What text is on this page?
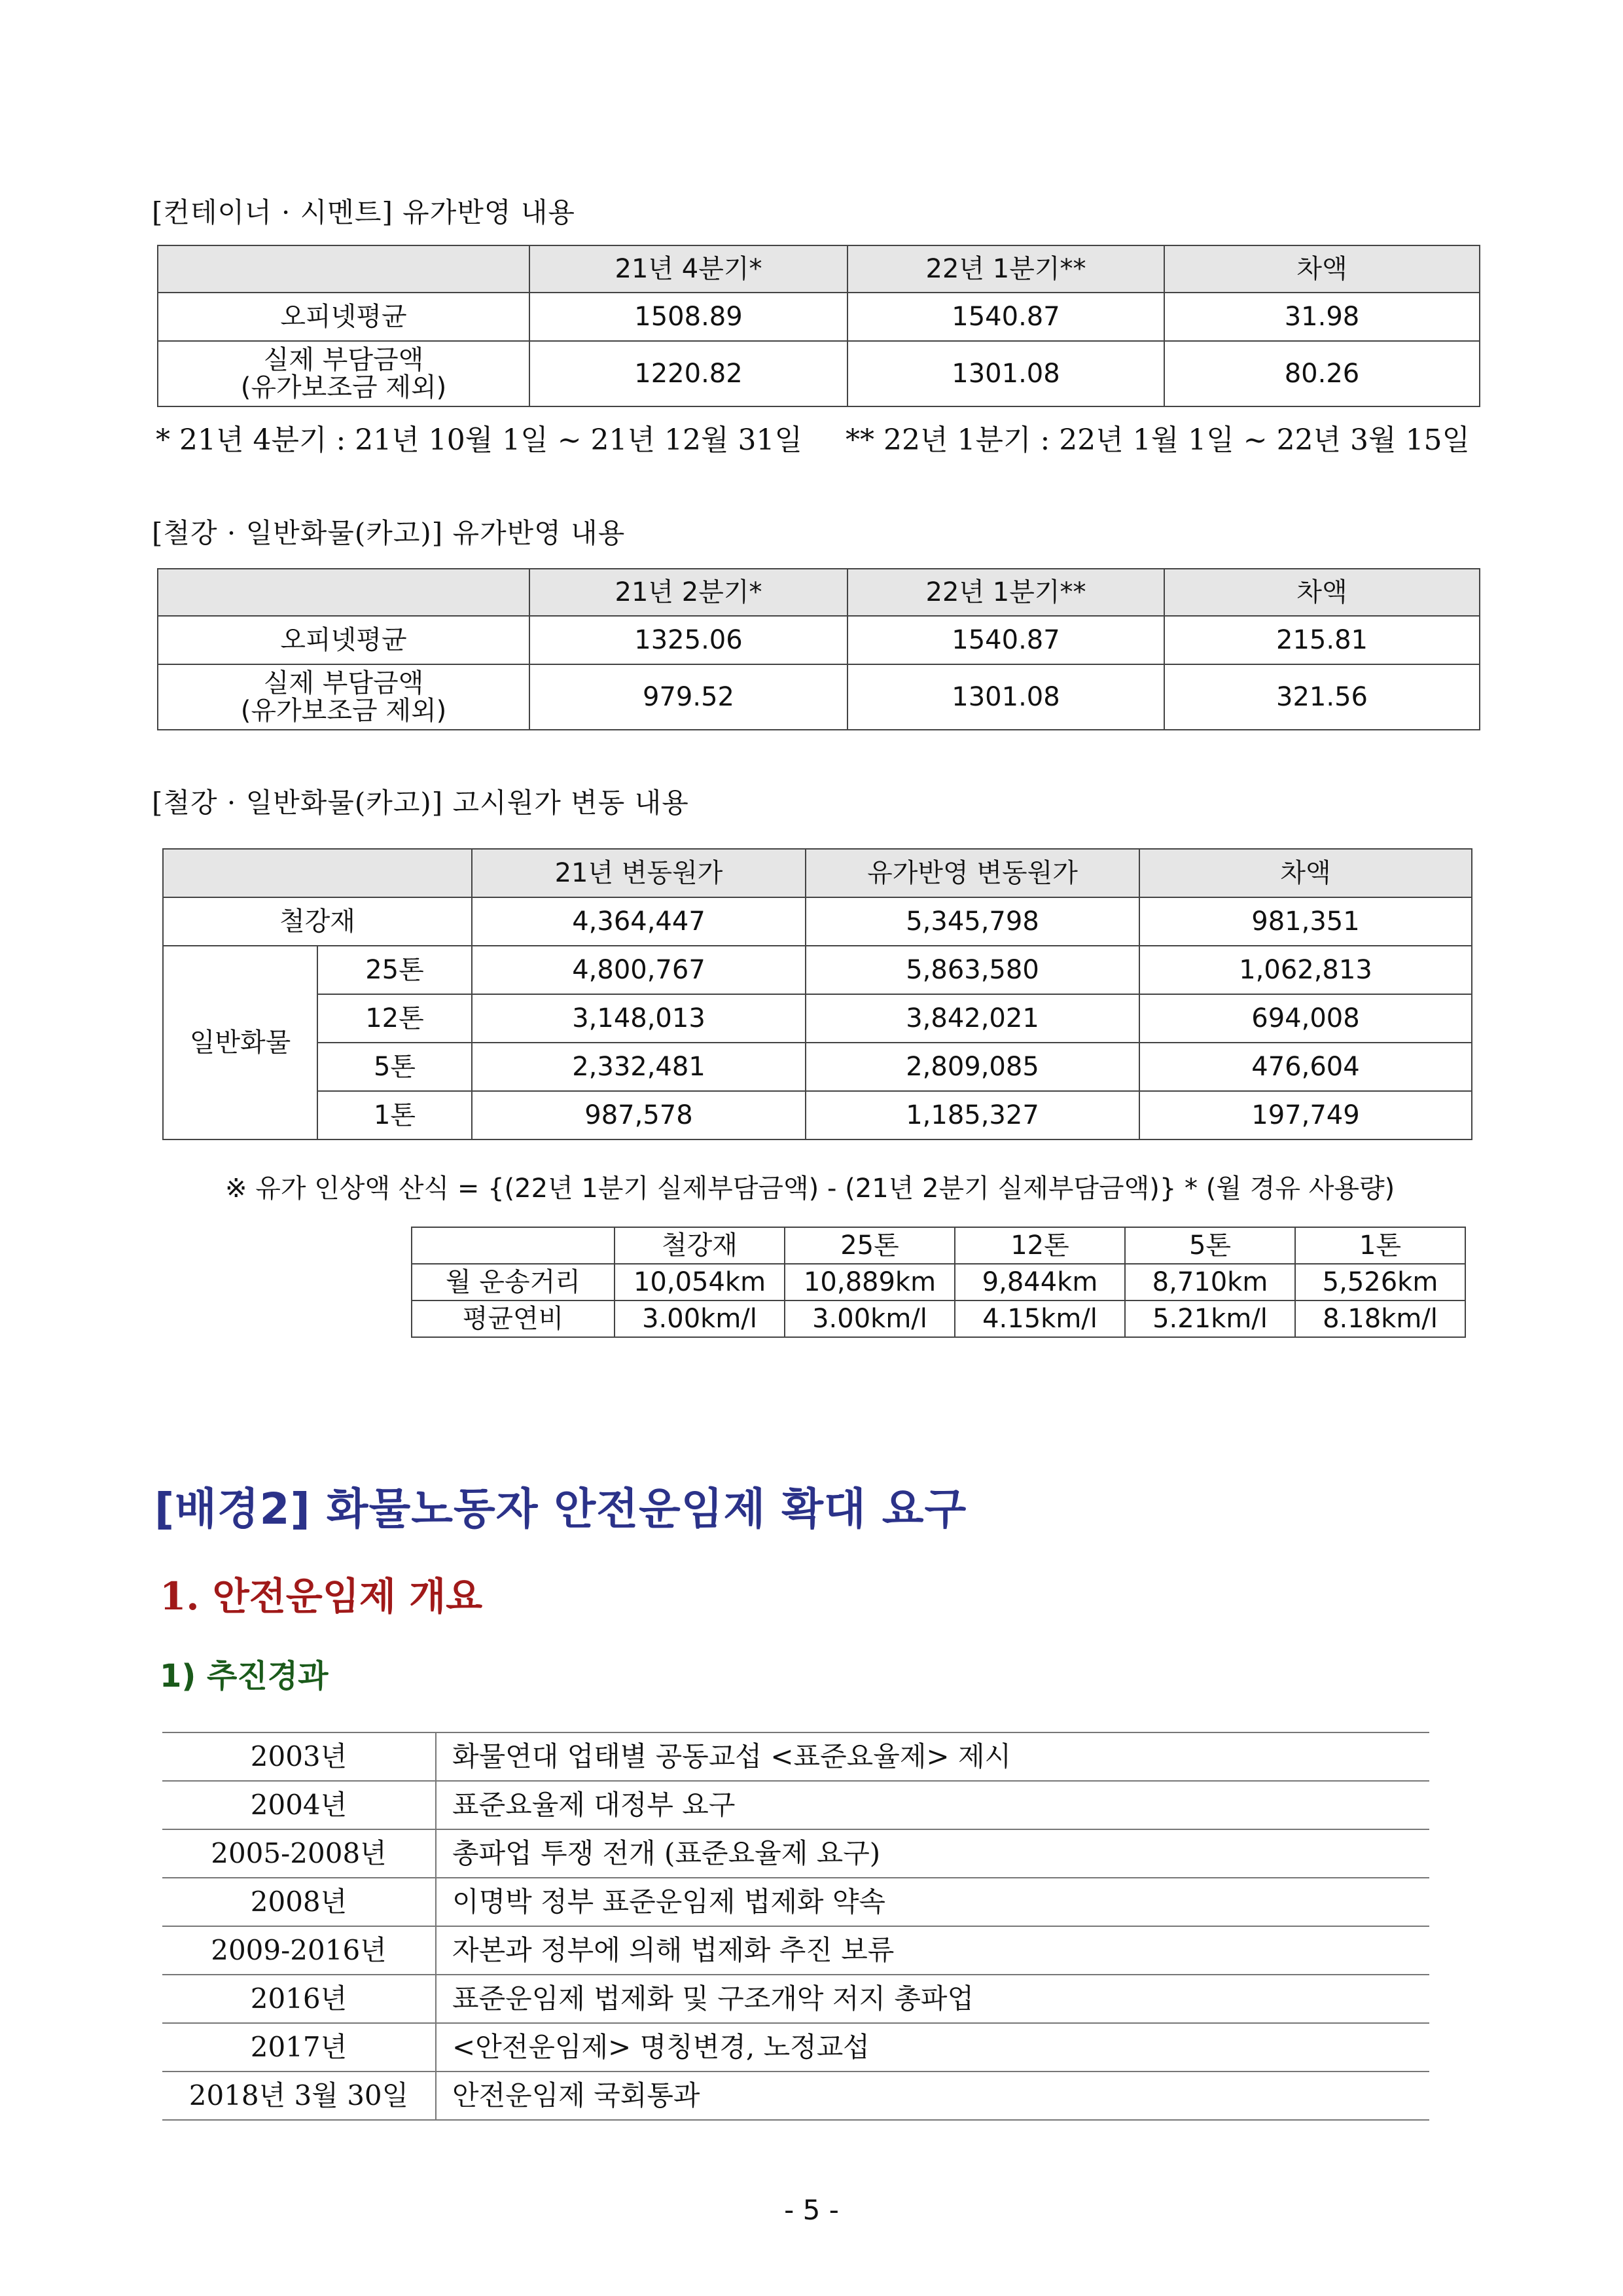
[컨테이너 · 시멘트] 유가반영 내용
	21년 4분기*	22년 1분기**	차액
오피넷평균	1508.89	1540.87	31.98

실제 부담금액
(유가보조금 제외)	1220.82	1301.08	80.26
* 21년 4분기 : 21년 10월 1일 ~ 21년 12월 31일 ** 22년 1분기 : 22년 1월 1일 ~ 22년 3월 15일
[철강 · 일반화물(카고)] 유가반영 내용
	21년 2분기*	22년 1분기**	차액
오피넷평균	1325.06	1540.87	215.81

실제 부담금액
(유가보조금 제외)	979.52	1301.08	321.56
[철강 · 일반화물(카고)] 고시원가 변동 내용
		21년 변동원가	유가반영 변동원가	차액
철강재		4,364,447	5,345,798	981,351
일반화물	25톤	4,800,767	5,863,580	1,062,813
	12톤	3,148,013	3,842,021	694,008
	5톤	2,332,481	2,809,085	476,604
	1톤	987,578	1,185,327	197,749
※ 유가 인상액 산식 = {(22년 1분기 실제부담금액) - (21년 2분기 실제부담금액)} * (월 경유 사용량)
	철강재	25톤	12톤	5톤	1톤
월 운송거리	10,054km	10,889km	9,844km	8,710km	5,526km
평균연비	3.00km/l	3.00km/l	4.15km/l	5.21km/l	8.18km/l
[배경2] 화물노동자 안전운임제 확대 요구
1. 안전운임제 개요
1) 추진경과
2003년	화물연대 업태별 공동교섭 <표준요율제> 제시
2004년	표준요율제 대정부 요구
2005-2008년	총파업 투쟁 전개 (표준요율제 요구)
2008년	이명박 정부 표준운임제 법제화 약속
2009-2016년	자본과 정부에 의해 법제화 추진 보류
2016년	표준운임제 법제화 및 구조개악 저지 총파업
2017년	<안전운임제> 명칭변경, 노정교섭
2018년 3월 30일	안전운임제 국회통과
- 5 -
